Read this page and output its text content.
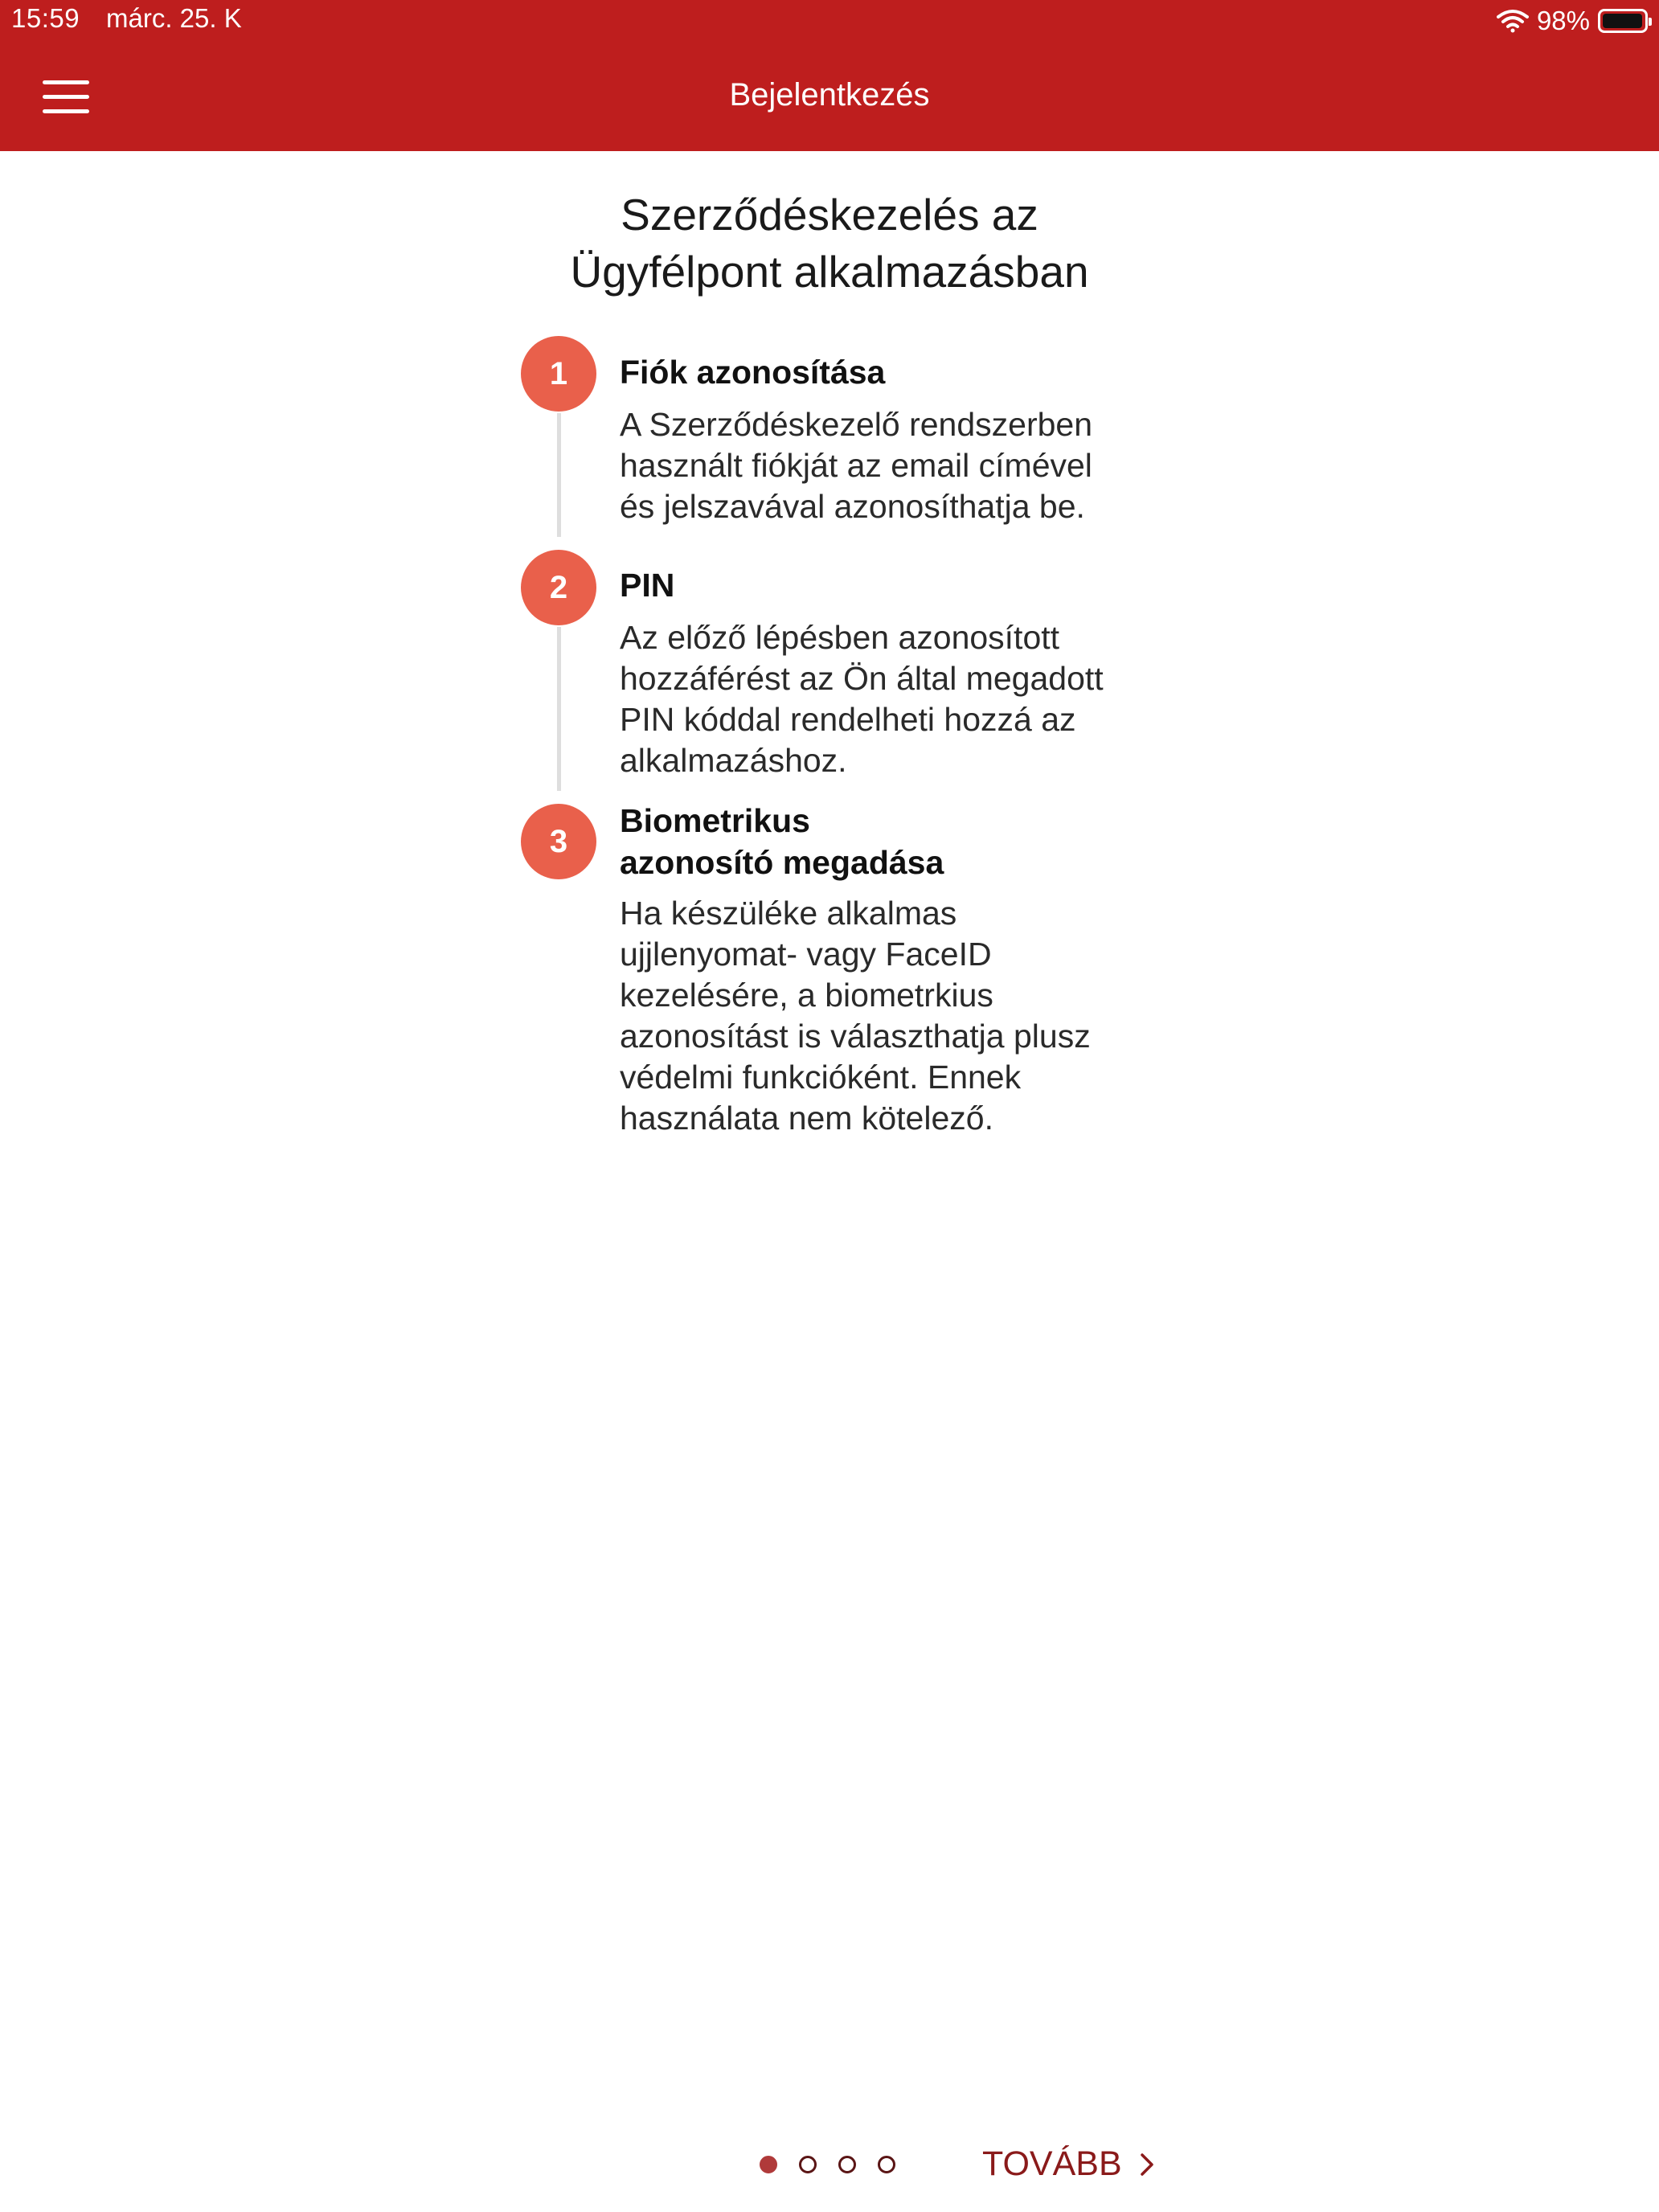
15:59 márc. 25. K	98%
Bejelentkezés
Szerződéskezelés az
Ügyfélpont alkalmazásban
1	Fiók azonosítása
A Szerződéskezelő rendszerben
használt fiókját az email címével
és jelszavával azonosíthatja be.
2	PIN
Az előző lépésben azonosított
hozzáférést az Ön által megadott
PIN kóddal rendelheti hozzá az
alkalmazáshoz.
3
Biometrikus
azonosító megadása
Ha készüléke alkalmas
ujjlenyomat- vagy FaceID
kezelésére, a biometrkius
azonosítást is választhatja plusz
védelmi funkcióként. Ennek
használata nem kötelező.
TOVÁBB
